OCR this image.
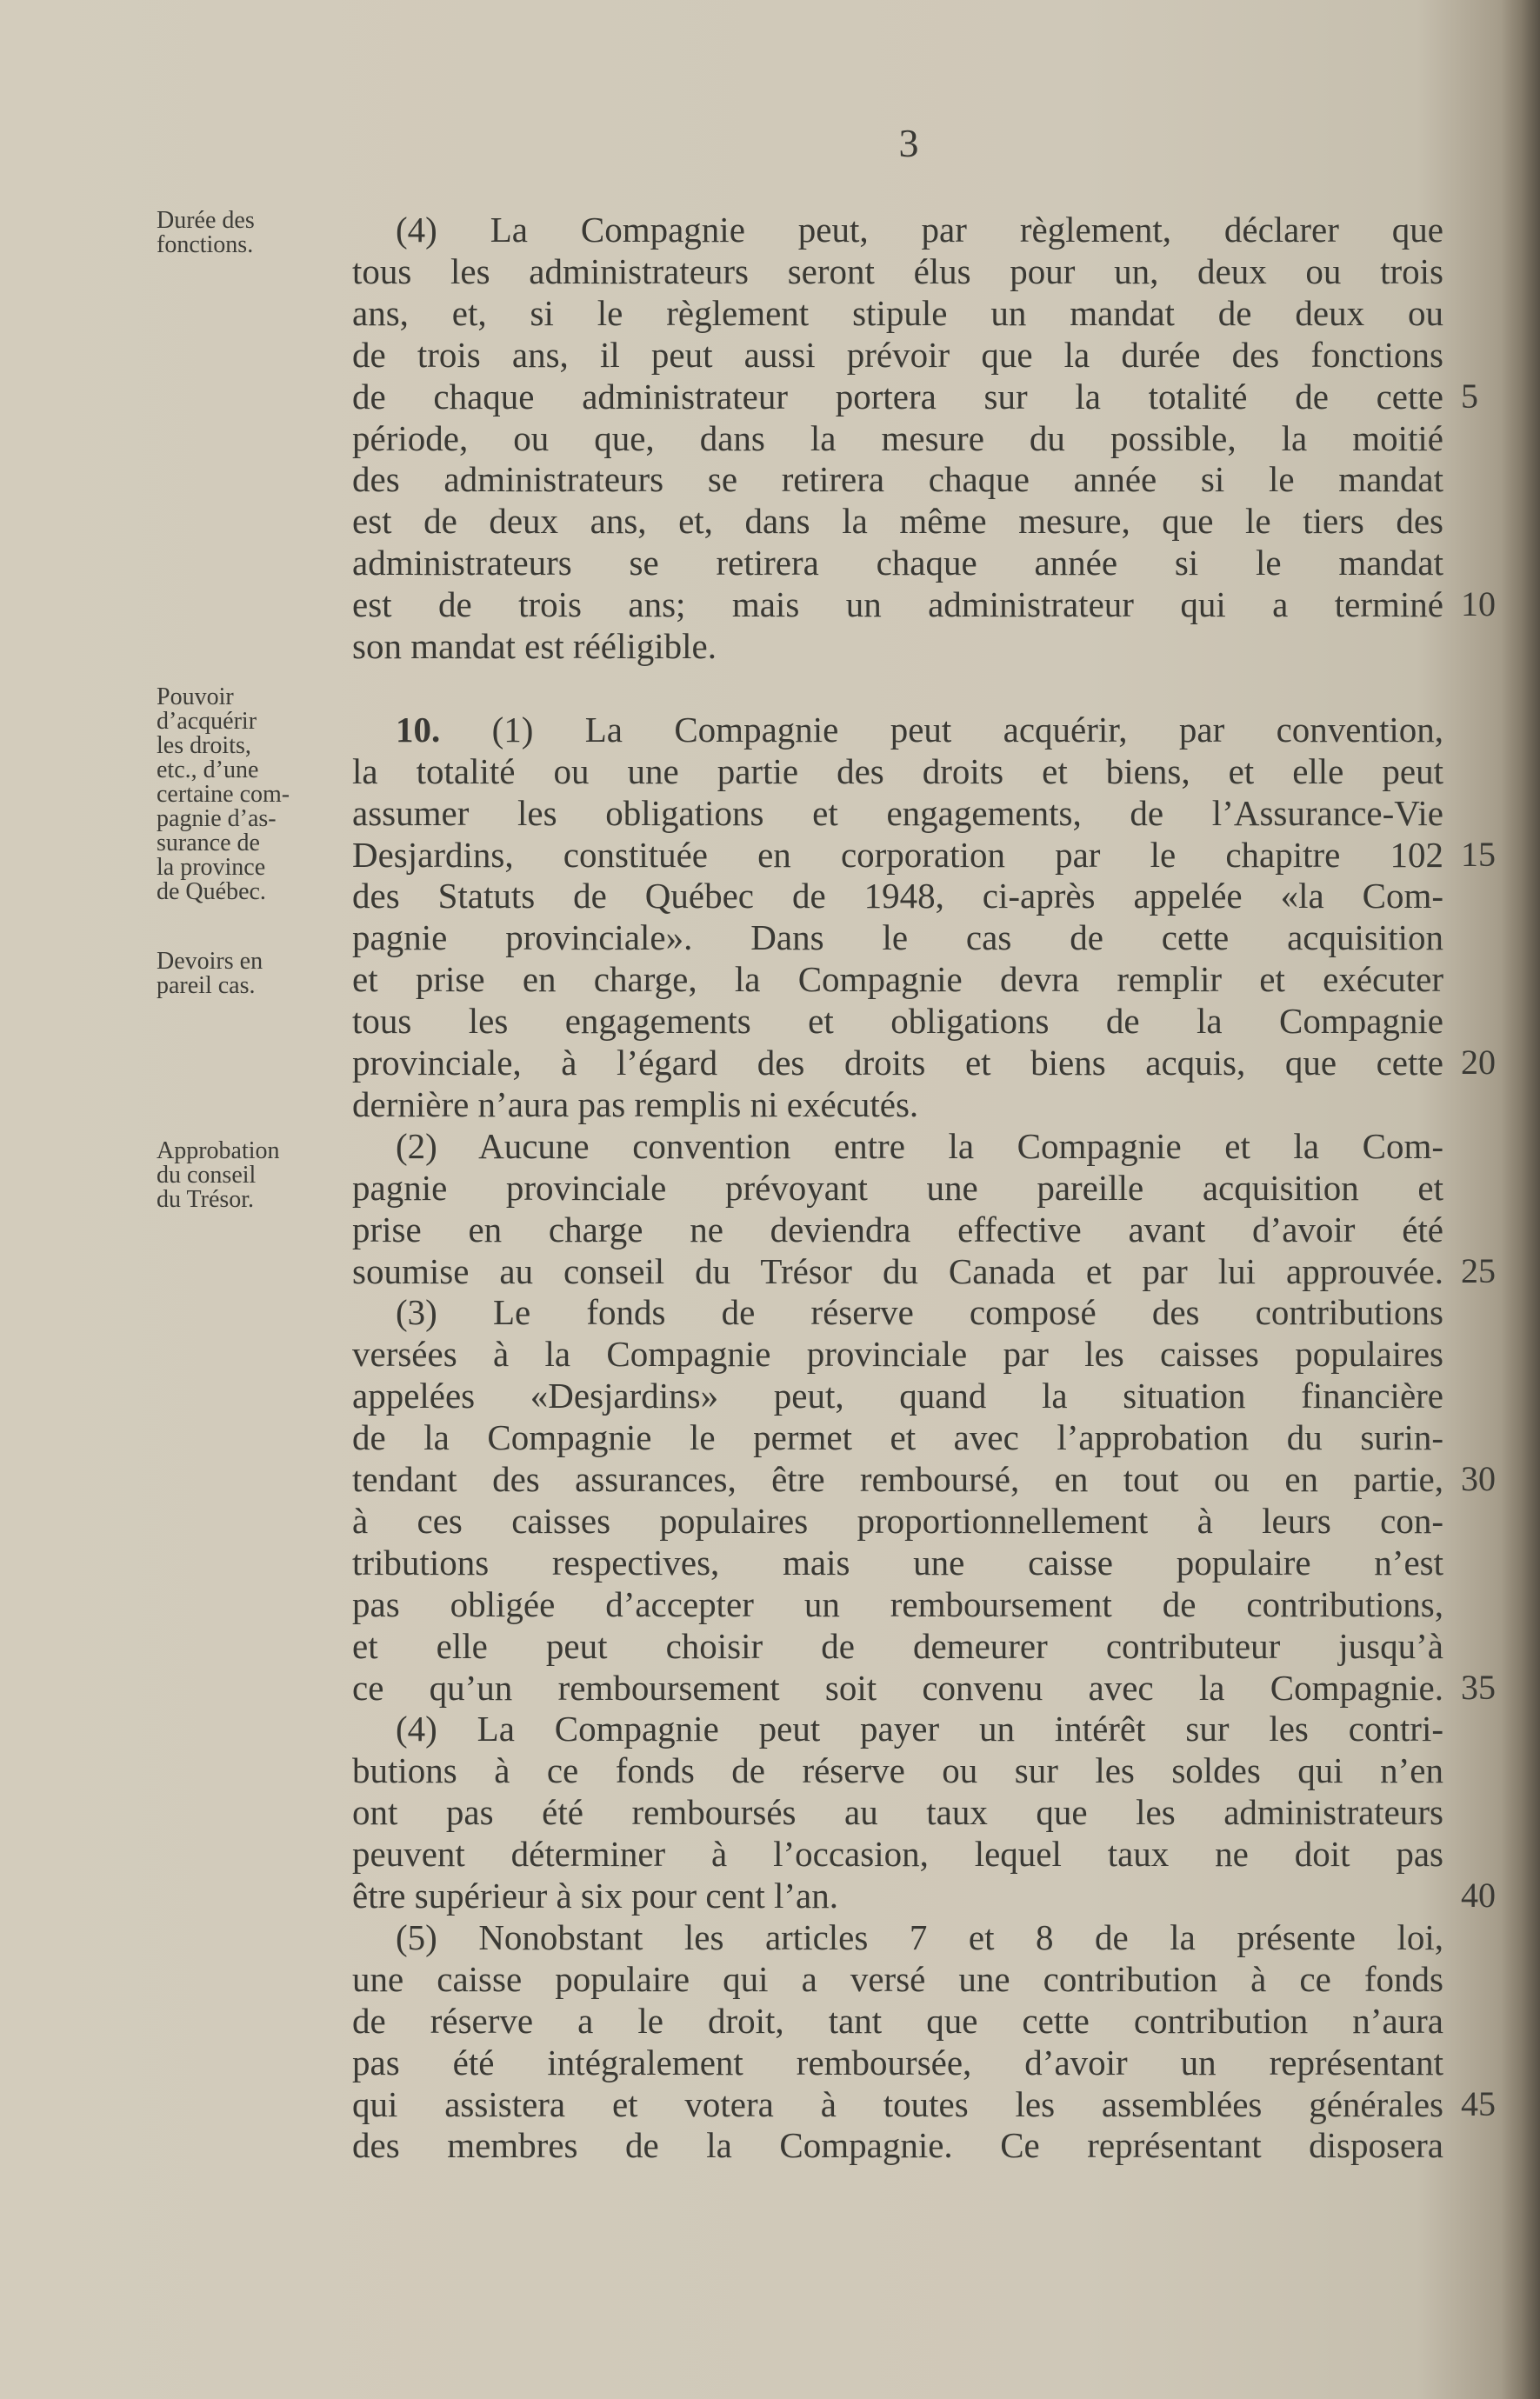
3
Durée des
fonctions.
Pouvoir
d’acquérir
les droits,
etc., d’une
certaine com-
pagnie d’as-
surance de
la province
de Québec.
Devoirs en
pareil cas.
Approbation
du conseil
du Trésor.
(4) La Compagnie peut, par règlement, déclarer que
tous les administrateurs seront élus pour un, deux ou trois
ans, et, si le règlement stipule un mandat de deux ou
de trois ans, il peut aussi prévoir que la durée des fonctions
de chaque administrateur portera sur la totalité de cette 5
période, ou que, dans la mesure du possible, la moitié
des administrateurs se retirera chaque année si le mandat
est de deux ans, et, dans la même mesure, que le tiers des
administrateurs se retirera chaque année si le mandat
est de trois ans; mais un administrateur qui a terminé 10
son mandat est rééligible.
10. (1) La Compagnie peut acquérir, par convention,
la totalité ou une partie des droits et biens, et elle peut
assumer les obligations et engagements, de l’Assurance-Vie
Desjardins, constituée en corporation par le chapitre 102 15
des Statuts de Québec de 1948, ci-après appelée «la Com-
pagnie provinciale». Dans le cas de cette acquisition
et prise en charge, la Compagnie devra remplir et exécuter
tous les engagements et obligations de la Compagnie
provinciale, à l’égard des droits et biens acquis, que cette 20
dernière n’aura pas remplis ni exécutés.
(2) Aucune convention entre la Compagnie et la Com-
pagnie provinciale prévoyant une pareille acquisition et
prise en charge ne deviendra effective avant d’avoir été
soumise au conseil du Trésor du Canada et par lui approuvée. 25
(3) Le fonds de réserve composé des contributions
versées à la Compagnie provinciale par les caisses populaires
appelées «Desjardins» peut, quand la situation financière
de la Compagnie le permet et avec l’approbation du surin-
tendant des assurances, être remboursé, en tout ou en partie, 30
à ces caisses populaires proportionnellement à leurs con-
tributions respectives, mais une caisse populaire n’est
pas obligée d’accepter un remboursement de contributions,
et elle peut choisir de demeurer contributeur jusqu’à
ce qu’un remboursement soit convenu avec la Compagnie. 35
(4) La Compagnie peut payer un intérêt sur les contri-
butions à ce fonds de réserve ou sur les soldes qui n’en
ont pas été remboursés au taux que les administrateurs
peuvent déterminer à l’occasion, lequel taux ne doit pas
être supérieur à six pour cent l’an.	40
(5) Nonobstant les articles 7 et 8 de la présente loi,
une caisse populaire qui a versé une contribution à ce fonds
de réserve a le droit, tant que cette contribution n’aura
pas été intégralement remboursée, d’avoir un représentant
qui assistera et votera à toutes les assemblées générales 45
des membres de la Compagnie. Ce représentant disposera
